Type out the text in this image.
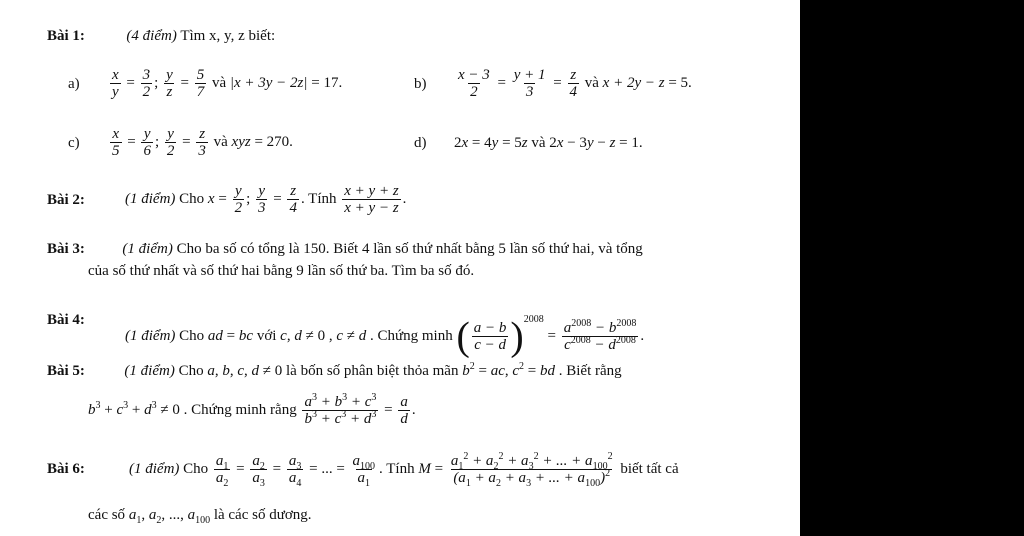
Bài 1:	(4 điểm) Tìm x, y, z biết:
$a) \frac{x}{y} = \frac{3}{2}$ ; $\frac{y}{z} = \frac{5}{7}$ và |x + 3y − 2z| = 17.	$b) \frac{x - 3}{2} = \frac{y + 1}{3} = \frac{z}{4}$ và x + 2y − z = 5.
$c) \frac{x}{5} = \frac{y}{6}$ ; $\frac{y}{2} = \frac{z}{3}$ và xyz = 270.	d) 2x = 4y = 5z và 2x − 3y − z = 1.
Bài 2:	(1 điểm) Cho $x = \frac{y}{2}$ ; $\frac{y}{3} = \frac{z}{4}$ . Tính $\frac{x + y + z}{x + y - z}$ .
Bài 3:	(1 điểm) Cho ba số có tổng là 150. Biết 4 lần số thứ nhất bằng 5 lần số thứ hai, và tổng
của số thứ nhất và số thứ hai bằng 9 lần số thứ ba. Tìm ba số đó.
Bài 4:
(1 điểm) Cho ad = bc với c, d ≠ 0 , c ≠ d . Chứng minh ( $\frac{a - b}{c - d} )^{2008} = \frac{a^{2008} - b^{2008}}{c^{2008} - d^{2008}}$ .
Bài 5:	(1 điểm) Cho a, b, c, d ≠ 0 là bốn số phân biệt thỏa mãn $b^2$ = ac, $c^2$ = bd . Biết rằng
$b^3 + c^3 + d^3 \ne 0$ . Chứng minh rằng $\frac{a^3 + b^3 + c^3}{b^3 + c^3 + d^3} = \frac{a}{d}$ .
Bài 6:	(1 điểm) Cho $\frac{a_1}{a_2} = \frac{a_2}{a_3} = \frac{a_3}{a_4}$ = ... = $\frac{a_{100}}{a_1}$ . Tính $M = \frac{a_1^2 + a_2^2 + a_3^2 + ... + a_{100}^2}{(a_1 + a_2 + a_3 + ... + a_{100})^2}$ biết tất cả
các số $a_1$, $a_2$, ..., $a_{100}$ là các số dương.
